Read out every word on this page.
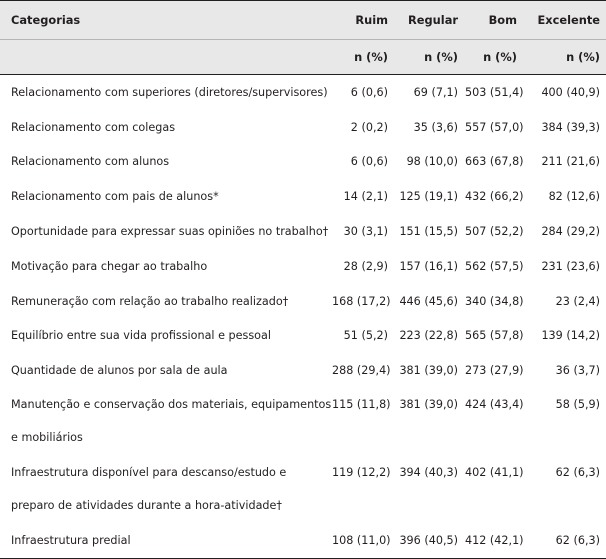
Categorias	Ruim	Regular	Bom	Excelente
	n (%)	n (%)	n (%)	n (%)

Relacionamento com superiores (diretores/supervisores)	6 (0,6)	69 (7,1)	503 (51,4)	400 (40,9)

Relacionamento com colegas	2 (0,2)	35 (3,6)	557 (57,0)	384 (39,3)

Relacionamento com alunos	6 (0,6)	98 (10,0)	663 (67,8)	211 (21,6)

Relacionamento com pais de alunos*	14 (2,1)	125 (19,1)	432 (66,2)	82 (12,6)

Oportunidade para expressar suas opiniões no trabalho†	30 (3,1)	151 (15,5)	507 (52,2)	284 (29,2)

Motivação para chegar ao trabalho	28 (2,9)	157 (16,1)	562 (57,5)	231 (23,6)

Remuneração com relação ao trabalho realizado†	168 (17,2)	446 (45,6)	340 (34,8)	23 (2,4)

Equilíbrio entre sua vida profissional e pessoal	51 (5,2)	223 (22,8)	565 (57,8)	139 (14,2)

Quantidade de alunos por sala de aula	288 (29,4)	381 (39,0)	273 (27,9)	36 (3,7)

Manutenção e conservação dos materiais, equipamentos
e mobiliários	115 (11,8)	381 (39,0)	424 (43,4)	58 (5,9)

Infraestrutura disponível para descanso/estudo e
preparo de atividades durante a hora-atividade†	119 (12,2)	394 (40,3)	402 (41,1)	62 (6,3)

Infraestrutura predial	108 (11,0)	396 (40,5)	412 (42,1)	62 (6,3)
